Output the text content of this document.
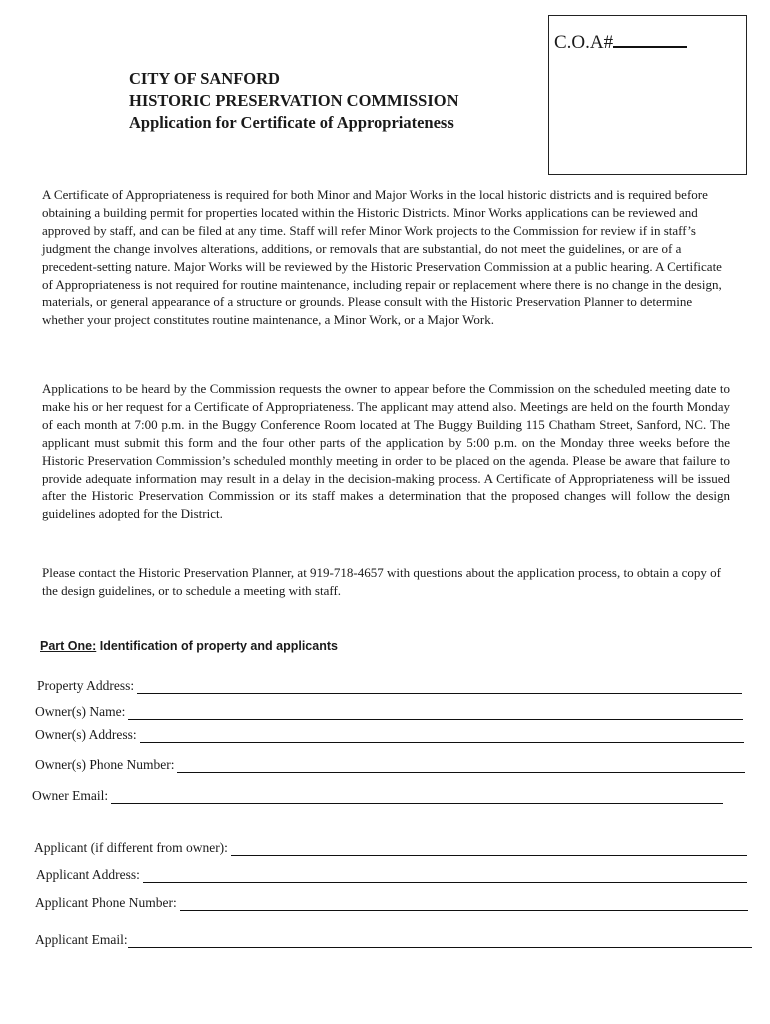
C.O.A#
CITY OF SANFORD
HISTORIC PRESERVATION COMMISSION
Application for Certificate of Appropriateness

A Certificate of Appropriateness is required for both Minor and Major Works in the local historic districts and is required before obtaining a building permit for properties located within the Historic Districts. Minor Works applications can be reviewed and approved by staff, and can be filed at any time. Staff will refer Minor Work projects to the Commission for review if in staff’s judgment the change involves alterations, additions, or removals that are substantial, do not meet the guidelines, or are of a precedent-setting nature. Major Works will be reviewed by the Historic Preservation Commission at a public hearing. A Certificate of Appropriateness is not required for routine maintenance, including repair or replacement where there is no change in the design, materials, or general appearance of a structure or grounds. Please consult with the Historic Preservation Planner to determine whether your project constitutes routine maintenance, a Minor Work, or a Major Work.

Applications to be heard by the Commission requests the owner to appear before the Commission on the scheduled meeting date to make his or her request for a Certificate of Appropriateness. The applicant may attend also. Meetings are held on the fourth Monday of each month at 7:00 p.m. in the Buggy Conference Room located at The Buggy Building 115 Chatham Street, Sanford, NC. The applicant must submit this form and the four other parts of the application by 5:00 p.m. on the Monday three weeks before the Historic Preservation Commission’s scheduled monthly meeting in order to be placed on the agenda. Please be aware that failure to provide adequate information may result in a delay in the decision-making process. A Certificate of Appropriateness will be issued after the Historic Preservation Commission or its staff makes a determination that the proposed changes will follow the design guidelines adopted for the District.

Please contact the Historic Preservation Planner, at 919-718-4657 with questions about the application process, to obtain a copy of the design guidelines, or to schedule a meeting with staff.

Part One: Identification of property and applicants
Property Address:
Owner(s) Name:
Owner(s) Address:
Owner(s) Phone Number:
Owner Email:
Applicant (if different from owner):
Applicant Address:
Applicant Phone Number:
Applicant Email:
